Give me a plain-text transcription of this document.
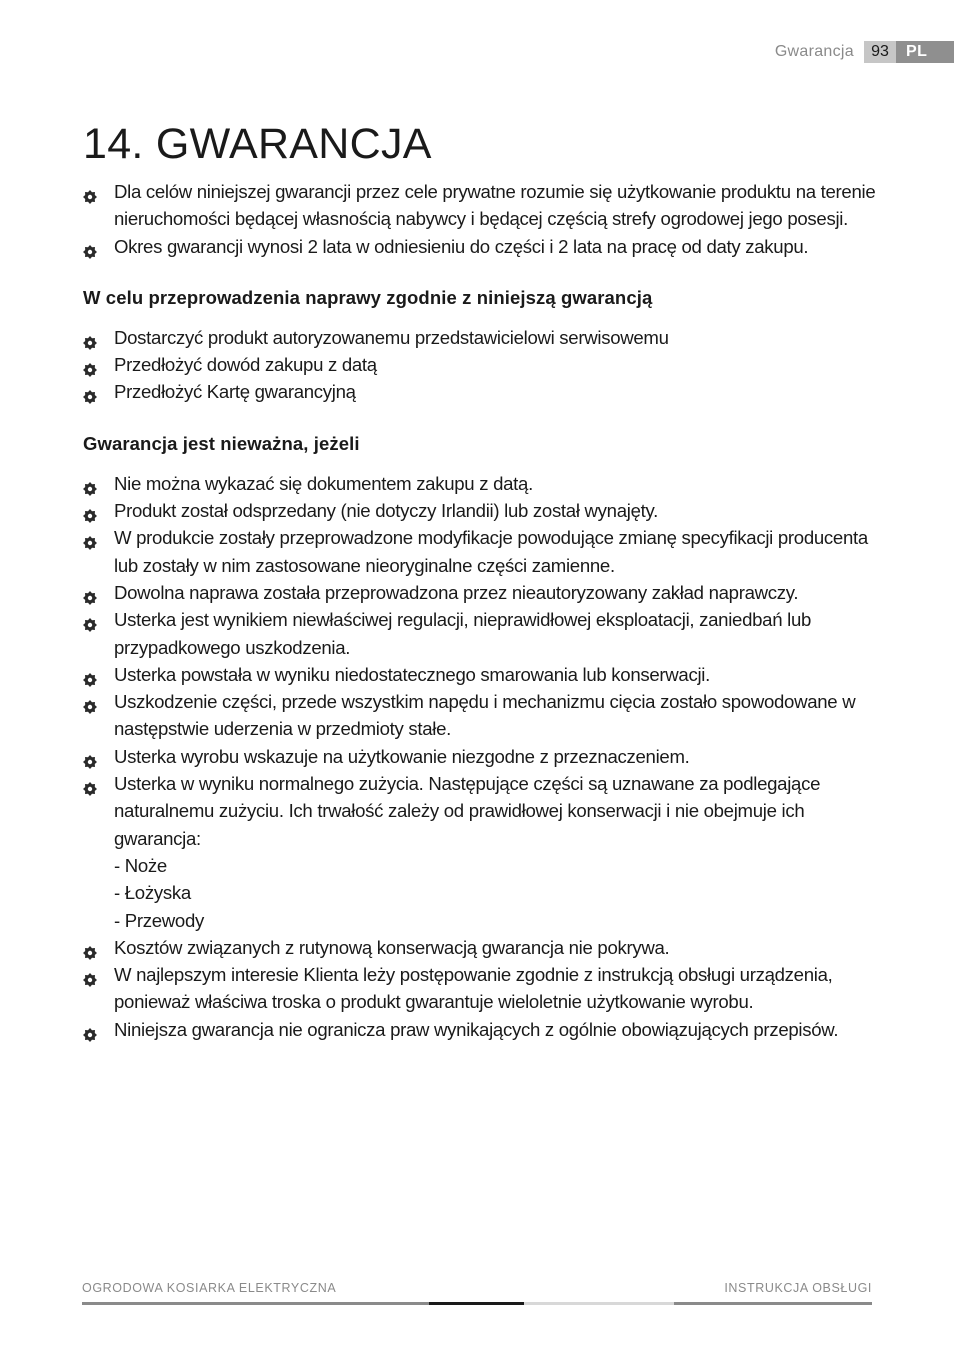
Gwarancja	93	PL
14. GWARANCJA
Dla celów niniejszej gwarancji przez cele prywatne rozumie się użytkowanie produktu na terenie nieruchomości będącej własnością nabywcy i będącej częścią strefy ogrodowej jego posesji.
Okres gwarancji wynosi 2 lata w odniesieniu do części i 2 lata na pracę od daty zakupu.
W celu przeprowadzenia naprawy zgodnie z niniejszą gwarancją
Dostarczyć produkt autoryzowanemu przedstawicielowi serwisowemu
Przedłożyć dowód zakupu z datą
Przedłożyć Kartę gwarancyjną
Gwarancja jest nieważna, jeżeli
Nie można wykazać się dokumentem zakupu z datą.
Produkt został odsprzedany (nie dotyczy Irlandii) lub został wynajęty.
W produkcie zostały przeprowadzone modyfikacje powodujące zmianę specyfikacji producenta lub zostały w nim zastosowane nieoryginalne części zamienne.
Dowolna naprawa została przeprowadzona przez nieautoryzowany zakład naprawczy.
Usterka jest wynikiem niewłaściwej regulacji, nieprawidłowej eksploatacji, zaniedbań lub przypadkowego uszkodzenia.
Usterka powstała w wyniku niedostatecznego smarowania lub konserwacji.
Uszkodzenie części, przede wszystkim napędu i mechanizmu cięcia zostało spowodowane w następstwie uderzenia w przedmioty stałe.
Usterka wyrobu wskazuje na użytkowanie niezgodne z przeznaczeniem.
Usterka w wyniku normalnego zużycia. Następujące części są uznawane za podlegające naturalnemu zużyciu. Ich trwałość zależy od prawidłowej konserwacji i nie obejmuje ich gwarancja:
- Noże
- Łożyska
- Przewody
Kosztów związanych z rutynową konserwacją gwarancja nie pokrywa.
W najlepszym interesie Klienta leży postępowanie zgodnie z instrukcją obsługi urządzenia, ponieważ właściwa troska o produkt gwarantuje wieloletnie użytkowanie wyrobu.
Niniejsza gwarancja nie ogranicza praw wynikających z ogólnie obowiązujących przepisów.
OGRODOWA KOSIARKA ELEKTRYCZNA	INSTRUKCJA OBSŁUGI
